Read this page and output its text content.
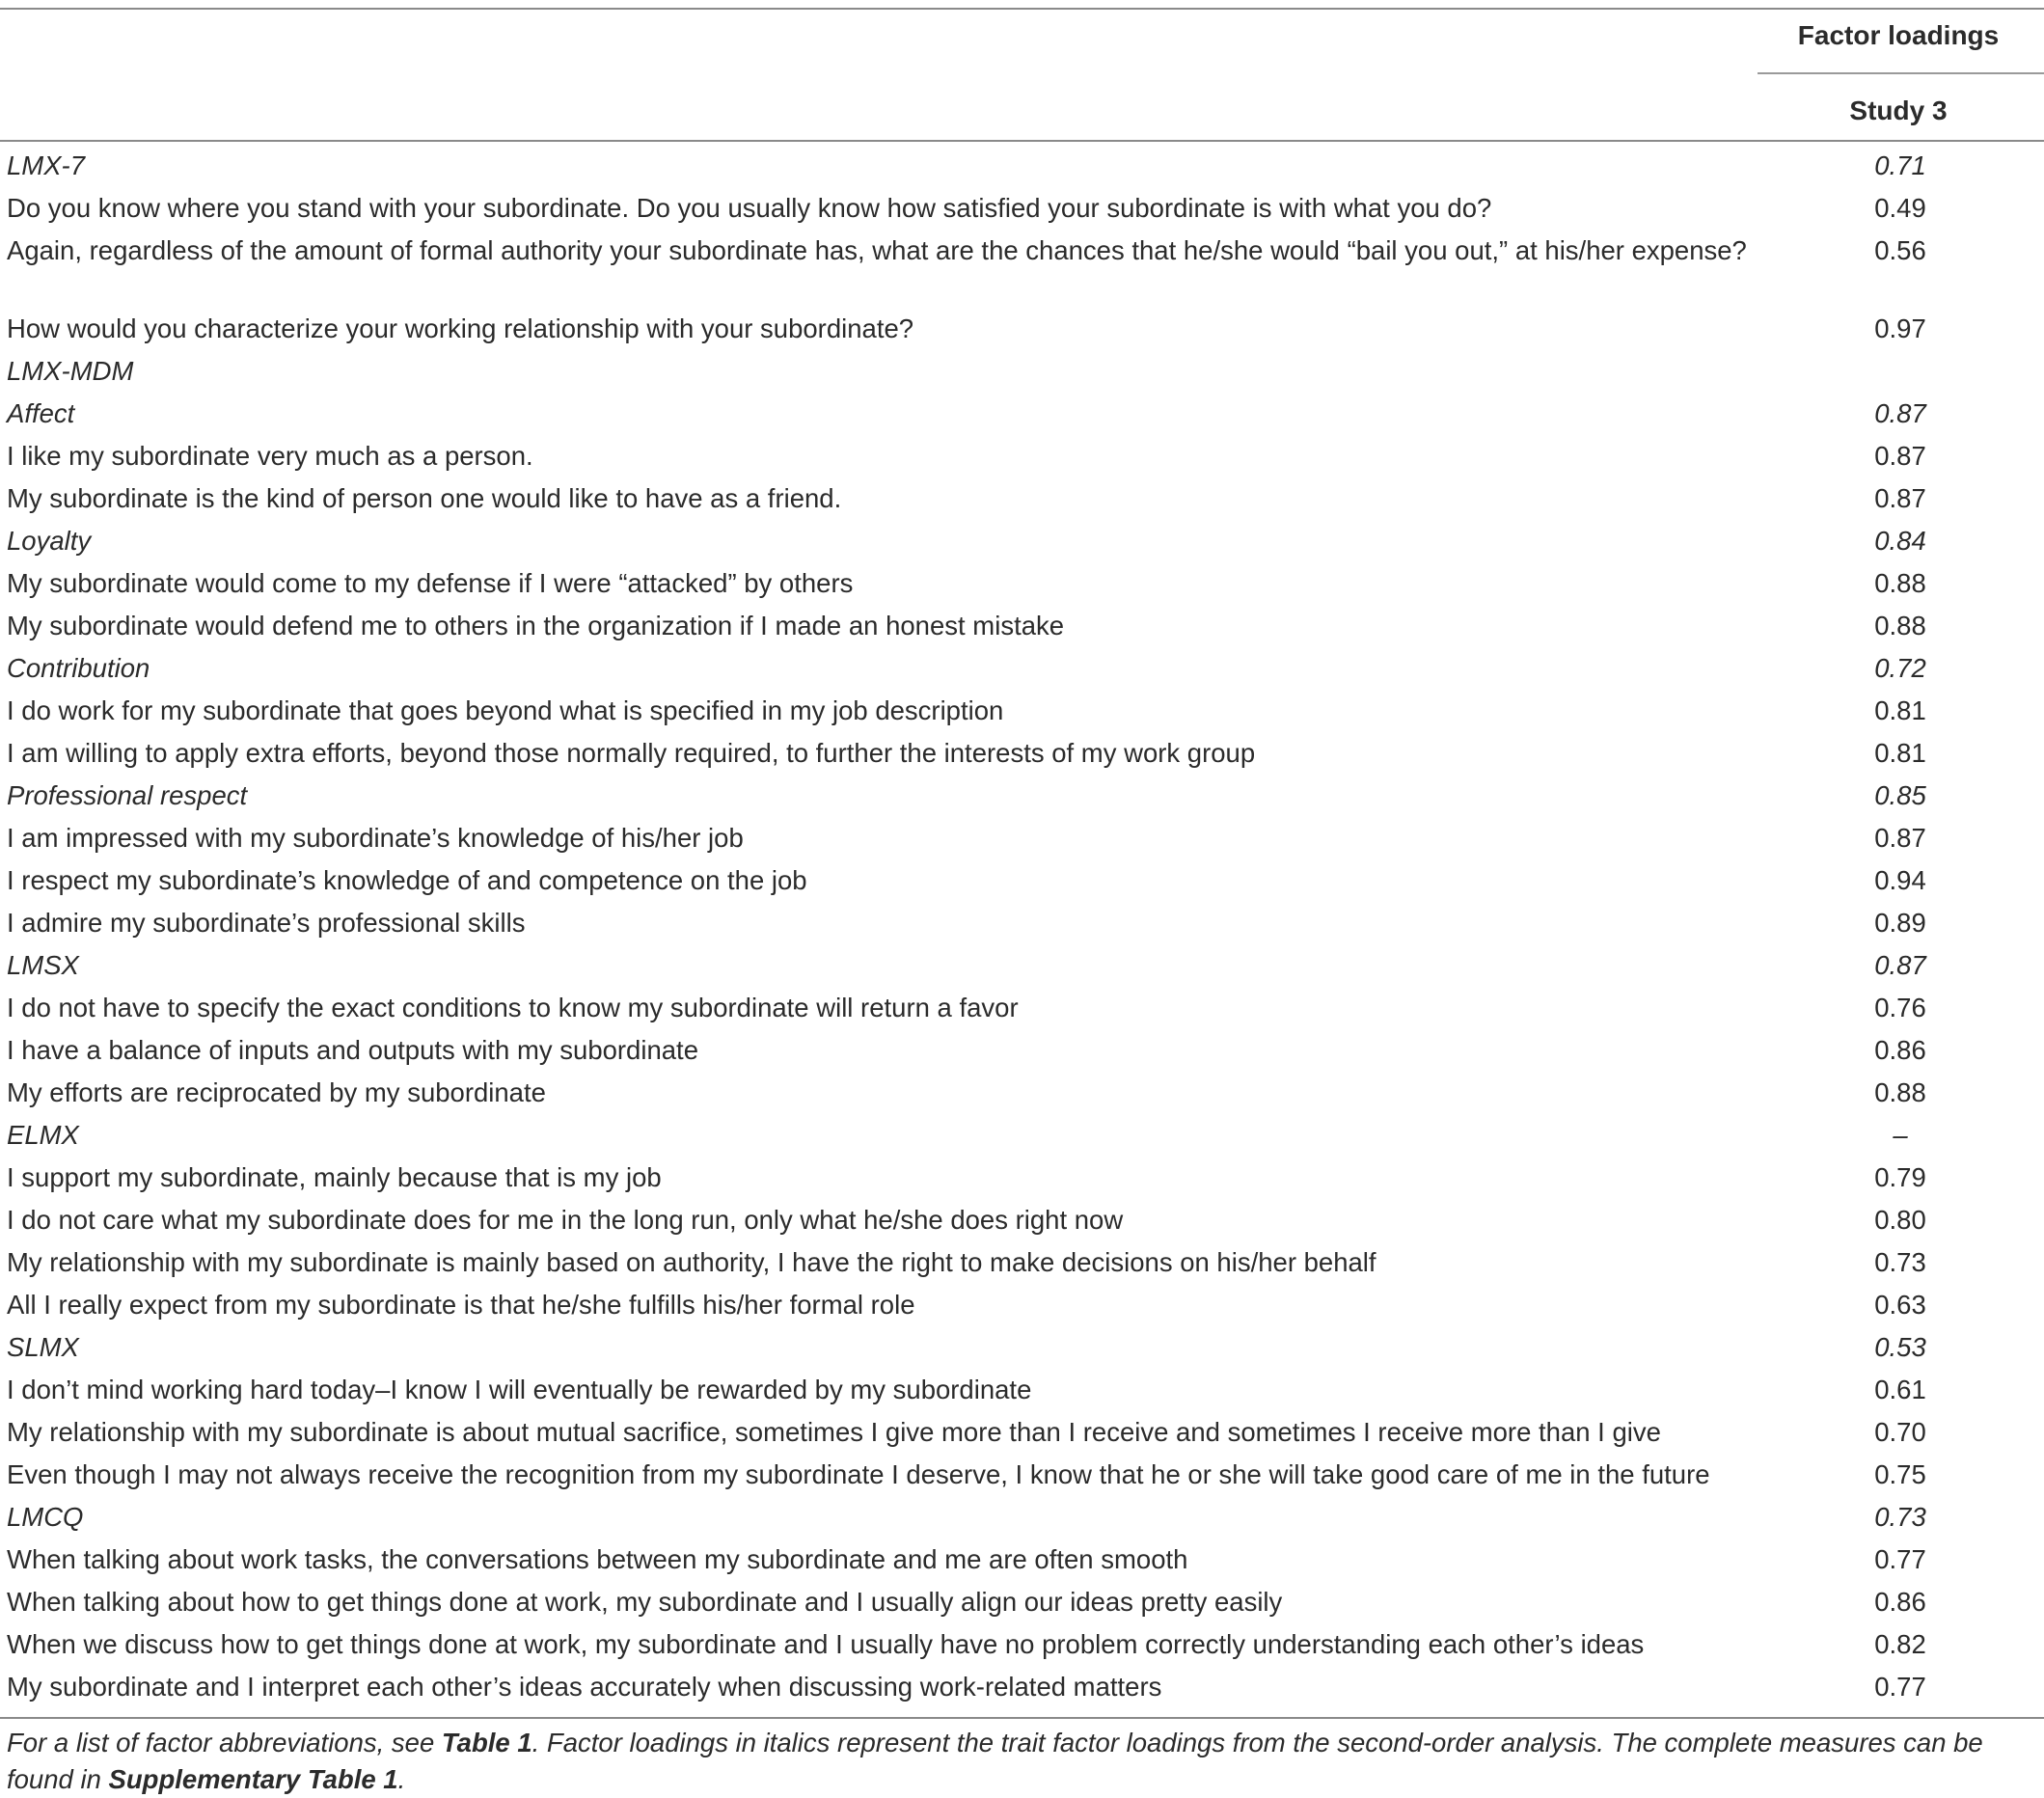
Factor loadings
Study 3
LMX-7	0.71
Do you know where you stand with your subordinate. Do you usually know how satisfied your subordinate is with what you do?	0.49
Again, regardless of the amount of formal authority your subordinate has, what are the chances that he/she would “bail you out,” at his/her expense?	0.56
How would you characterize your working relationship with your subordinate?	0.97
LMX-MDM	
Affect	0.87
I like my subordinate very much as a person.	0.87
My subordinate is the kind of person one would like to have as a friend.	0.87
Loyalty	0.84
My subordinate would come to my defense if I were “attacked” by others	0.88
My subordinate would defend me to others in the organization if I made an honest mistake	0.88
Contribution	0.72
I do work for my subordinate that goes beyond what is specified in my job description	0.81
I am willing to apply extra efforts, beyond those normally required, to further the interests of my work group	0.81
Professional respect	0.85
I am impressed with my subordinate’s knowledge of his/her job	0.87
I respect my subordinate’s knowledge of and competence on the job	0.94
I admire my subordinate’s professional skills	0.89
LMSX	0.87
I do not have to specify the exact conditions to know my subordinate will return a favor	0.76
I have a balance of inputs and outputs with my subordinate	0.86
My efforts are reciprocated by my subordinate	0.88
ELMX	–
I support my subordinate, mainly because that is my job	0.79
I do not care what my subordinate does for me in the long run, only what he/she does right now	0.80
My relationship with my subordinate is mainly based on authority, I have the right to make decisions on his/her behalf	0.73
All I really expect from my subordinate is that he/she fulfills his/her formal role	0.63
SLMX	0.53
I don’t mind working hard today–I know I will eventually be rewarded by my subordinate	0.61
My relationship with my subordinate is about mutual sacrifice, sometimes I give more than I receive and sometimes I receive more than I give	0.70
Even though I may not always receive the recognition from my subordinate I deserve, I know that he or she will take good care of me in the future	0.75
LMCQ	0.73
When talking about work tasks, the conversations between my subordinate and me are often smooth	0.77
When talking about how to get things done at work, my subordinate and I usually align our ideas pretty easily	0.86
When we discuss how to get things done at work, my subordinate and I usually have no problem correctly understanding each other’s ideas	0.82
My subordinate and I interpret each other’s ideas accurately when discussing work-related matters	0.77
For a list of factor abbreviations, see Table 1. Factor loadings in italics represent the trait factor loadings from the second-order analysis. The complete measures can be found in Supplementary Table 1.
